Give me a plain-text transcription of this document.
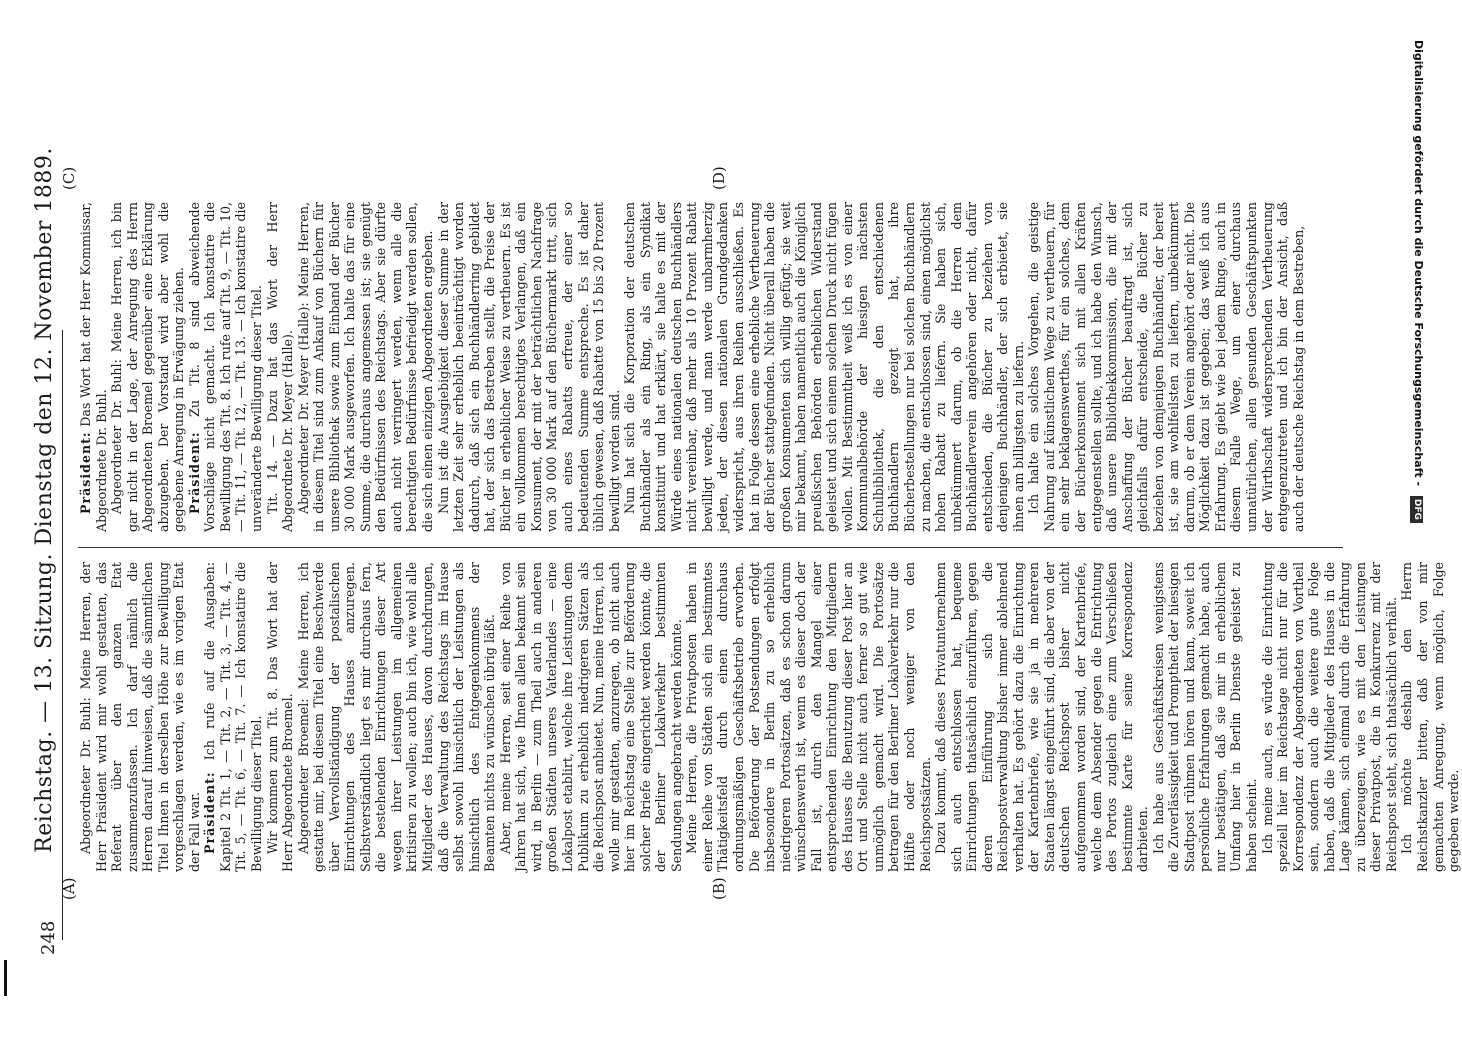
248
Reichstag. — 13. Sitzung. Dienstag den 12. November 1889.
(A)	(B)
(C)	(D)

Abgeordneter Dr. Buhl: Meine Herren, der Herr Präsident wird mir wohl gestatten, das Referat über den ganzen Etat zusammenzufassen. Ich darf nämlich die Herren darauf hinweisen, daß die sämmtlichen Titel Ihnen in derselben Höhe zur Bewilligung vorgeschlagen werden, wie es im vorigen Etat der Fall war. Präsident: Ich rufe auf die Ausgaben: Kapitel 2 Tit. 1, — Tit. 2, — Tit. 3, — Tit. 4, — Tit. 5, — Tit. 6, — Tit. 7. — Ich konstatire die Bewilligung dieser Titel. Wir kommen zum Tit. 8. Das Wort hat der Herr Abgeordnete Broemel. Abgeordneter Broemel: Meine Herren, ich gestatte mir, bei diesem Titel eine Beschwerde über Vervollständigung der postalischen Einrichtungen des Hauses anzuregen. Selbstverständlich liegt es mir durchaus fern, die bestehenden Einrichtungen dieser Art wegen ihrer Leistungen im allgemeinen kritisiren zu wollen; auch bin ich, wie wohl alle Mitglieder des Hauses, davon durchdrungen, daß die Verwaltung des Reichstags im Hause selbst sowohl hinsichtlich der Leistungen als hinsichtlich des Entgegenkommens der Beamten nichts zu wünschen übrig läßt. Aber, meine Herren, seit einer Reihe von Jahren hat sich, wie Ihnen allen bekannt sein wird, in Berlin — zum Theil auch in anderen großen Städten unseres Vaterlandes — eine Lokalpost etablirt, welche ihre Leistungen dem Publikum zu erheblich niedrigeren Sätzen als die Reichspost anbietet. Nun, meine Herren, ich wolle mir gestatten, anzuregen, ob nicht auch hier im Reichstag eine Stelle zur Beförderung solcher Briefe eingerichtet werden könnte, die der Berliner Lokalverkehr bestimmten Sendungen angebracht werden könnte. Meine Herren, die Privatposten haben in einer Reihe von Städten sich ein bestimmtes Thätigkeitsfeld durch einen durchaus ordnungsmäßigen Geschäftsbetrieb erworben. Die Beförderung der Postsendungen erfolgt insbesondere in Berlin zu so erheblich niedrigeren Portosätzen, daß es schon darum wünschenswerth ist, wenn es dieser doch der Fall ist, durch den Mangel einer entsprechenden Einrichtung den Mitgliedern des Hauses die Benutzung dieser Post hier an Ort und Stelle nicht auch ferner so gut wie unmöglich gemacht wird. Die Portosätze betragen für den Berliner Lokalverkehr nur die Hälfte oder noch weniger von den Reichspostsätzen. Dazu kommt, daß dieses Privatunternehmen sich auch entschlossen hat, bequeme Einrichtungen thatsächlich einzuführen, gegen deren Einführung sich die Reichspostverwaltung bisher immer ablehnend verhalten hat. Es gehört dazu die Einrichtung der Kartenbriefe, wie sie ja in mehreren Staaten längst eingeführt sind, die aber von der deutschen Reichspost bisher nicht aufgenommen worden sind, der Kartenbriefe, welche dem Absender gegen die Entrichtung des Portos zugleich eine zum Verschließen bestimmte Karte für seine Korrespondenz darbieten. Ich habe aus Geschäftskreisen wenigstens die Zuverlässigkeit und Promptheit der hiesigen Stadtpost rühmen hören und kann, soweit ich persönliche Erfahrungen gemacht habe, auch nur bestätigen, daß sie mir in erheblichem Umfang hier in Berlin Dienste geleistet zu haben scheint. Ich meine auch, es würde die Einrichtung speziell hier im Reichstage nicht nur für die Korrespondenz der Abgeordneten von Vortheil sein, sondern auch die weitere gute Folge haben, daß die Mitglieder des Hauses in die Lage kämen, sich einmal durch die Erfahrung zu überzeugen, wie es mit den Leistungen dieser Privatpost, die in Konkurrenz mit der Reichspost steht, sich thatsächlich verhält. Ich möchte deshalb den Herrn Reichstkanzler bitten, daß der von mir gemachten Anregung, wenn möglich, Folge gegeben werde.

Präsident: Das Wort hat der Herr Kommissar, Abgeordnete Dr. Buhl. Abgeordneter Dr. Buhl: Meine Herren, ich bin gar nicht in der Lage, der Anregung des Herrn Abgeordneten Broemel gegenüber eine Erklärung abzugeben. Der Vorstand wird aber wohl die gegebene Anregung in Erwägung ziehen. Präsident: Zu Tit. 8 sind abweichende Vorschläge nicht gemacht. Ich konstatire die Bewilligung des Tit. 8. Ich rufe auf Tit. 9, — Tit. 10, — Tit. 11, — Tit. 12, — Tit. 13. — Ich konstatire die unveränderte Bewilligung dieser Titel. Tit. 14. — Dazu hat das Wort der Herr Abgeordnete Dr. Meyer (Halle). Abgeordneter Dr. Meyer (Halle): Meine Herren, in diesem Titel sind zum Ankauf von Büchern für unsere Bibliothek sowie zum Einband der Bücher 30 000 Mark ausgeworfen. Ich halte das für eine Summe, die durchaus angemessen ist; sie genügt den Bedürfnissen des Reichstags. Aber sie dürfte auch nicht verringert werden, wenn alle die berechtigten Bedürfnisse befriedigt werden sollen, die sich einen einzigen Abgeordneten ergeben. Nun ist die Ausgiebigkeit dieser Summe in der letzten Zeit sehr erheblich beeinträchtigt worden dadurch, daß sich ein Buchhändlerring gebildet hat, der sich das Bestreben stellt, die Preise der Bücher in erheblicher Weise zu vertheuern. Es ist ein vollkommen berechtigtes Verlangen, daß ein Konsument, der mit der beträchtlichen Nachfrage von 30 000 Mark auf den Büchermarkt tritt, sich auch eines Rabatts erfreue, der einer so bedeutenden Summe entspreche. Es ist daher üblich gewesen, daß Rabatte von 15 bis 20 Prozent bewilligt worden sind. Nun hat sich die Korporation der deutschen Buchhändler als ein Ring, als ein Syndikat konstituirt und hat erklärt, sie halte es mit der Würde eines nationalen deutschen Buchhändlers nicht vereinbar, daß mehr als 10 Prozent Rabatt bewilligt werde, und man werde unbarmherzig jeden, der diesen nationalen Grundgedanken widerspricht, aus ihren Reihen ausschließen. Es hat in Folge dessen eine erhebliche Vertheuerung der Bücher stattgefunden. Nicht überall haben die großen Konsumenten sich willig gefügt; sie weit mir bekannt, haben namentlich auch die Königlich preußischen Behörden erheblichen Widerstand geleistet und sich einem solchen Druck nicht fügen wollen. Mit Bestimmtheit weiß ich es von einer Kommunalbehörde der hiesigen nächsten Schulbibliothek, die den entschiedenen Buchhändlern gezeigt hat, ihre Bücherbestellungen nur bei solchen Buchhändlern zu machen, die entschlossen sind, einen möglichst hohen Rabatt zu liefern. Sie haben sich, unbekümmert darum, ob die Herren dem Buchhändlerverein angehören oder nicht, dafür entschieden, die Bücher zu beziehen von denjenigen Buchhändler, der sich erbietet, sie ihnen am billigsten zu liefern. Ich halte ein solches Vorgehen, die geistige Nahrung auf künstlichem Wege zu vertheuern, für ein sehr beklagenswerthes, für ein solches, dem der Bücherkonsument sich mit allen Kräften entgegenstellen sollte, und ich habe den Wunsch, daß unsere Bibliothekkommission, die mit der Anschaffung der Bücher beauftragt ist, sich gleichfalls dafür entscheide, die Bücher zu beziehen von demjenigen Buchhändler, der bereit ist, sie am wohlfeilsten zu liefern, unbekümmert darum, ob er dem Verein angehört oder nicht. Die Möglichkeit dazu ist gegeben; das weiß ich aus Erfahrung. Es giebt wie bei jedem Ringe, auch in diesem Falle Wege, um einer durchaus unnatürlichen, allen gesunden Geschäftspunkten der Wirthschaft widersprechenden Vertheuerung entgegenzutreten und ich bin der Ansicht, daß auch der deutsche Reichstag in dem Bestreben,	Digitalisierung gefördert durch die Deutsche Forschungsgemeinschaft - DFG
